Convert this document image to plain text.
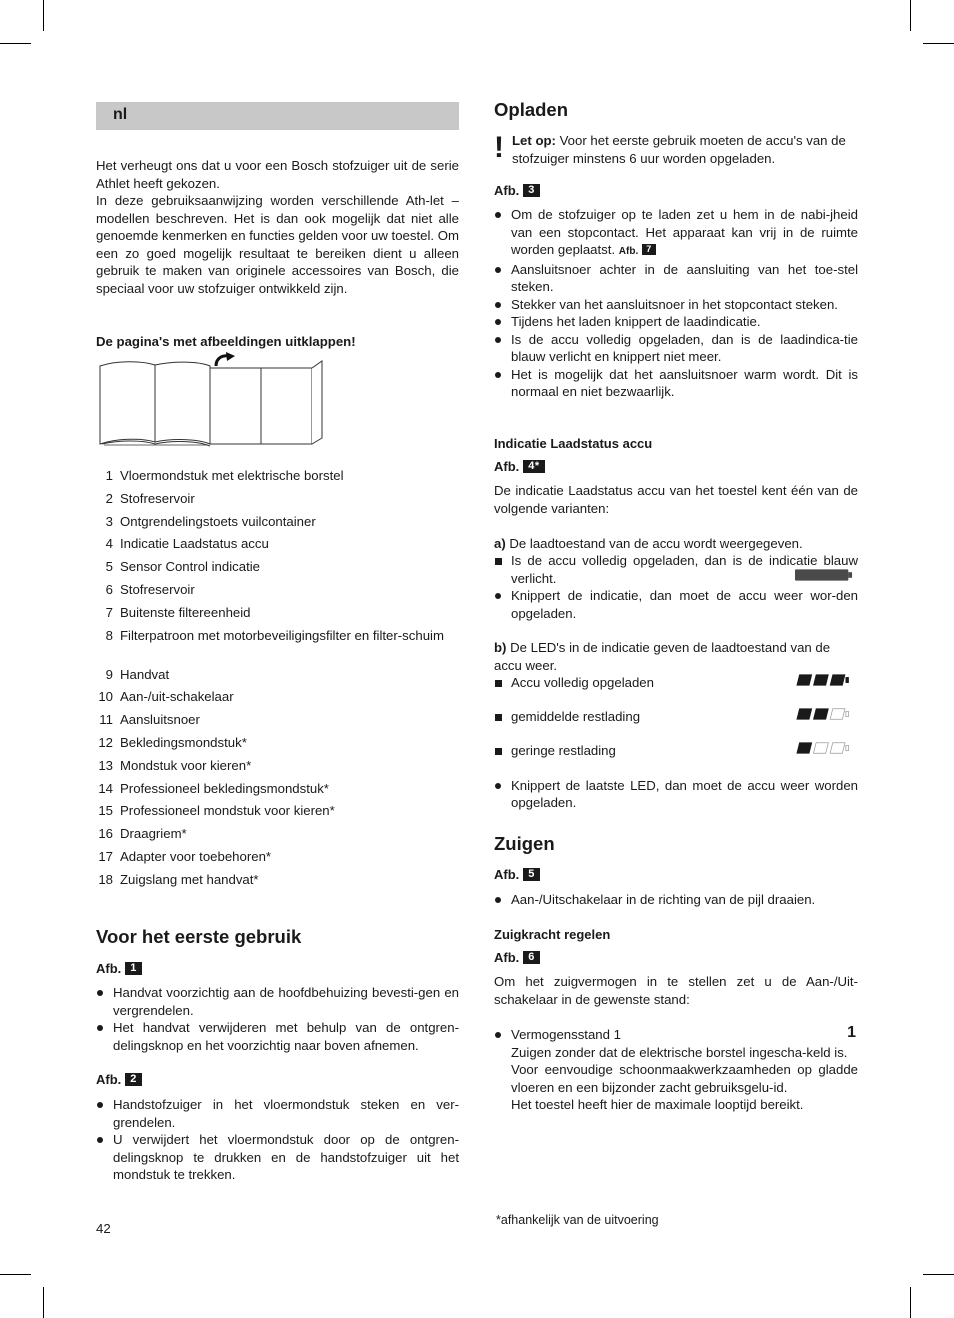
nl
Het verheugt ons dat u voor een Bosch stofzuiger uit de serie Athlet heeft gekozen.
In deze gebruiksaanwijzing worden verschillende Ath-let – modellen beschreven. Het is dan ook mogelijk dat niet alle genoemde kenmerken en functies gelden voor uw toestel. Om een zo goed mogelijk resultaat te bereiken dient u alleen gebruik te maken van originele accessoires van Bosch, die speciaal voor uw stofzuiger ontwikkeld zijn.
De pagina's met afbeeldingen uitklappen!
1 Vloermondstuk met elektrische borstel
2 Stofreservoir
3 Ontgrendelingstoets vuilcontainer
4 Indicatie Laadstatus accu
5 Sensor Control indicatie
6 Stofreservoir
7 Buitenste filtereenheid
8 Filterpatroon met motorbeveiligingsfilter en filter-schuim
9 Handvat
10 Aan-/uit-schakelaar
11 Aansluitsnoer
12 Bekledingsmondstuk*
13 Mondstuk voor kieren*
14 Professioneel bekledingsmondstuk*
15 Professioneel mondstuk voor kieren*
16 Draagriem*
17 Adapter voor toebehoren*
18 Zuigslang met handvat*
Voor het eerste gebruik
Afb. 1
Handvat voorzichtig aan de hoofdbehuizing bevesti-gen en vergrendelen.
Het handvat verwijderen met behulp van de ontgren-delingsknop en het voorzichtig naar boven afnemen.
Afb. 2
Handstofzuiger in het vloermondstuk steken en ver-grendelen.
U verwijdert het vloermondstuk door op de ontgren-delingsknop te drukken en de handstofzuiger uit het mondstuk te trekken.
42
Opladen
! Let op: Voor het eerste gebruik moeten de accu's van de stofzuiger minstens 6 uur worden opgeladen.
Afb. 3
Om de stofzuiger op te laden zet u hem in de nabi-jheid van een stopcontact. Het apparaat kan vrij in de ruimte worden geplaatst. Afb. 7
Aansluitsnoer achter in de aansluiting van het toe-stel steken.
Stekker van het aansluitsnoer in het stopcontact steken.
Tijdens het laden knippert de laadindicatie.
Is de accu volledig opgeladen, dan is de laadindica-tie blauw verlicht en knippert niet meer.
Het is mogelijk dat het aansluitsnoer warm wordt. Dit is normaal en niet bezwaarlijk.
Indicatie Laadstatus accu
Afb. 4*
De indicatie Laadstatus accu van het toestel kent één van de volgende varianten:
a) De laadtoestand van de accu wordt weergegeven.
Is de accu volledig opgeladen, dan is de indicatie blauw verlicht.
Knippert de indicatie, dan moet de accu weer wor-den opgeladen.
b) De LED's in de indicatie geven de laadtoestand van de accu weer.
Accu volledig opgeladen
gemiddelde restlading
geringe restlading
Knippert de laatste LED, dan moet de accu weer worden opgeladen.
Zuigen
Afb. 5
Aan-/Uitschakelaar in de richting van de pijl draaien.
Zuigkracht regelen
Afb. 6
Om het zuigvermogen in te stellen zet u de Aan-/Uit-schakelaar in de gewenste stand:
Vermogensstand 1	1
Zuigen zonder dat de elektrische borstel ingescha-keld is.
Voor eenvoudige schoonmaakwerkzaamheden op gladde vloeren en een bijzonder zacht gebruiksgelu-id.
Het toestel heeft hier de maximale looptijd bereikt.
*afhankelijk van de uitvoering
